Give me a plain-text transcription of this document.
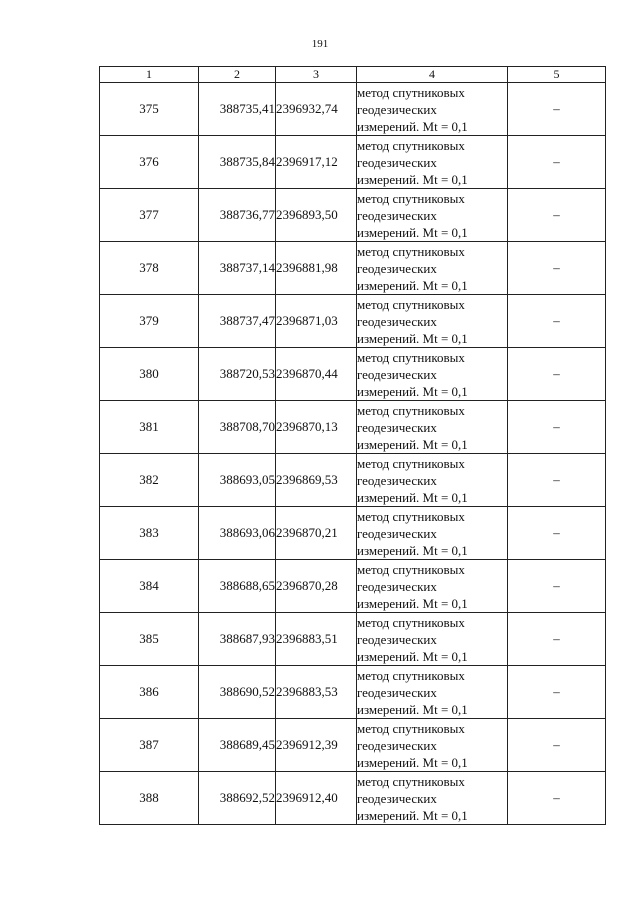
191
1	2	3	4	5
375	388735,41	2396932,74	метод спутниковых
геодезических
измерений. Mt = 0,1	–
376	388735,84	2396917,12	метод спутниковых
геодезических
измерений. Mt = 0,1	–
377	388736,77	2396893,50	метод спутниковых
геодезических
измерений. Mt = 0,1	–
378	388737,14	2396881,98	метод спутниковых
геодезических
измерений. Mt = 0,1	–
379	388737,47	2396871,03	метод спутниковых
геодезических
измерений. Mt = 0,1	–
380	388720,53	2396870,44	метод спутниковых
геодезических
измерений. Mt = 0,1	–
381	388708,70	2396870,13	метод спутниковых
геодезических
измерений. Mt = 0,1	–
382	388693,05	2396869,53	метод спутниковых
геодезических
измерений. Mt = 0,1	–
383	388693,06	2396870,21	метод спутниковых
геодезических
измерений. Mt = 0,1	–
384	388688,65	2396870,28	метод спутниковых
геодезических
измерений. Mt = 0,1	–
385	388687,93	2396883,51	метод спутниковых
геодезических
измерений. Mt = 0,1	–
386	388690,52	2396883,53	метод спутниковых
геодезических
измерений. Mt = 0,1	–
387	388689,45	2396912,39	метод спутниковых
геодезических
измерений. Mt = 0,1	–
388	388692,52	2396912,40	метод спутниковых
геодезических
измерений. Mt = 0,1	–
